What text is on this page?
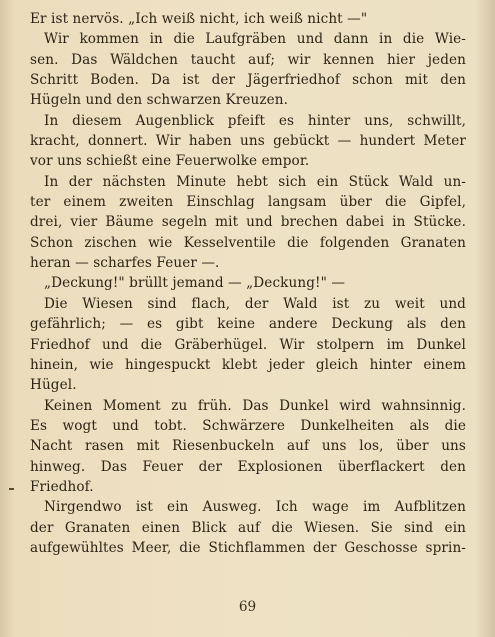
Er ist nervös. „Ich weiß nicht, ich weiß nicht —"
Wir kommen in die Laufgräben und dann in die Wie-
sen. Das Wäldchen taucht auf; wir kennen hier jeden
Schritt Boden. Da ist der Jägerfriedhof schon mit den
Hügeln und den schwarzen Kreuzen.
In diesem Augenblick pfeift es hinter uns, schwillt,
kracht, donnert. Wir haben uns gebückt — hundert Meter
vor uns schießt eine Feuerwolke empor.
In der nächsten Minute hebt sich ein Stück Wald un-
ter einem zweiten Einschlag langsam über die Gipfel,
drei, vier Bäume segeln mit und brechen dabei in Stücke.
Schon zischen wie Kesselventile die folgenden Granaten
heran — scharfes Feuer —.
„Deckung!" brüllt jemand — „Deckung!" —
Die Wiesen sind flach, der Wald ist zu weit und
gefährlich; — es gibt keine andere Deckung als den
Friedhof und die Gräberhügel. Wir stolpern im Dunkel
hinein, wie hingespuckt klebt jeder gleich hinter einem
Hügel.
Keinen Moment zu früh. Das Dunkel wird wahnsinnig.
Es wogt und tobt. Schwärzere Dunkelheiten als die
Nacht rasen mit Riesenbuckeln auf uns los, über uns
hinweg. Das Feuer der Explosionen überflackert den
Friedhof.
Nirgendwo ist ein Ausweg. Ich wage im Aufblitzen
der Granaten einen Blick auf die Wiesen. Sie sind ein
aufgewühltes Meer, die Stichflammen der Geschosse sprin-
69
